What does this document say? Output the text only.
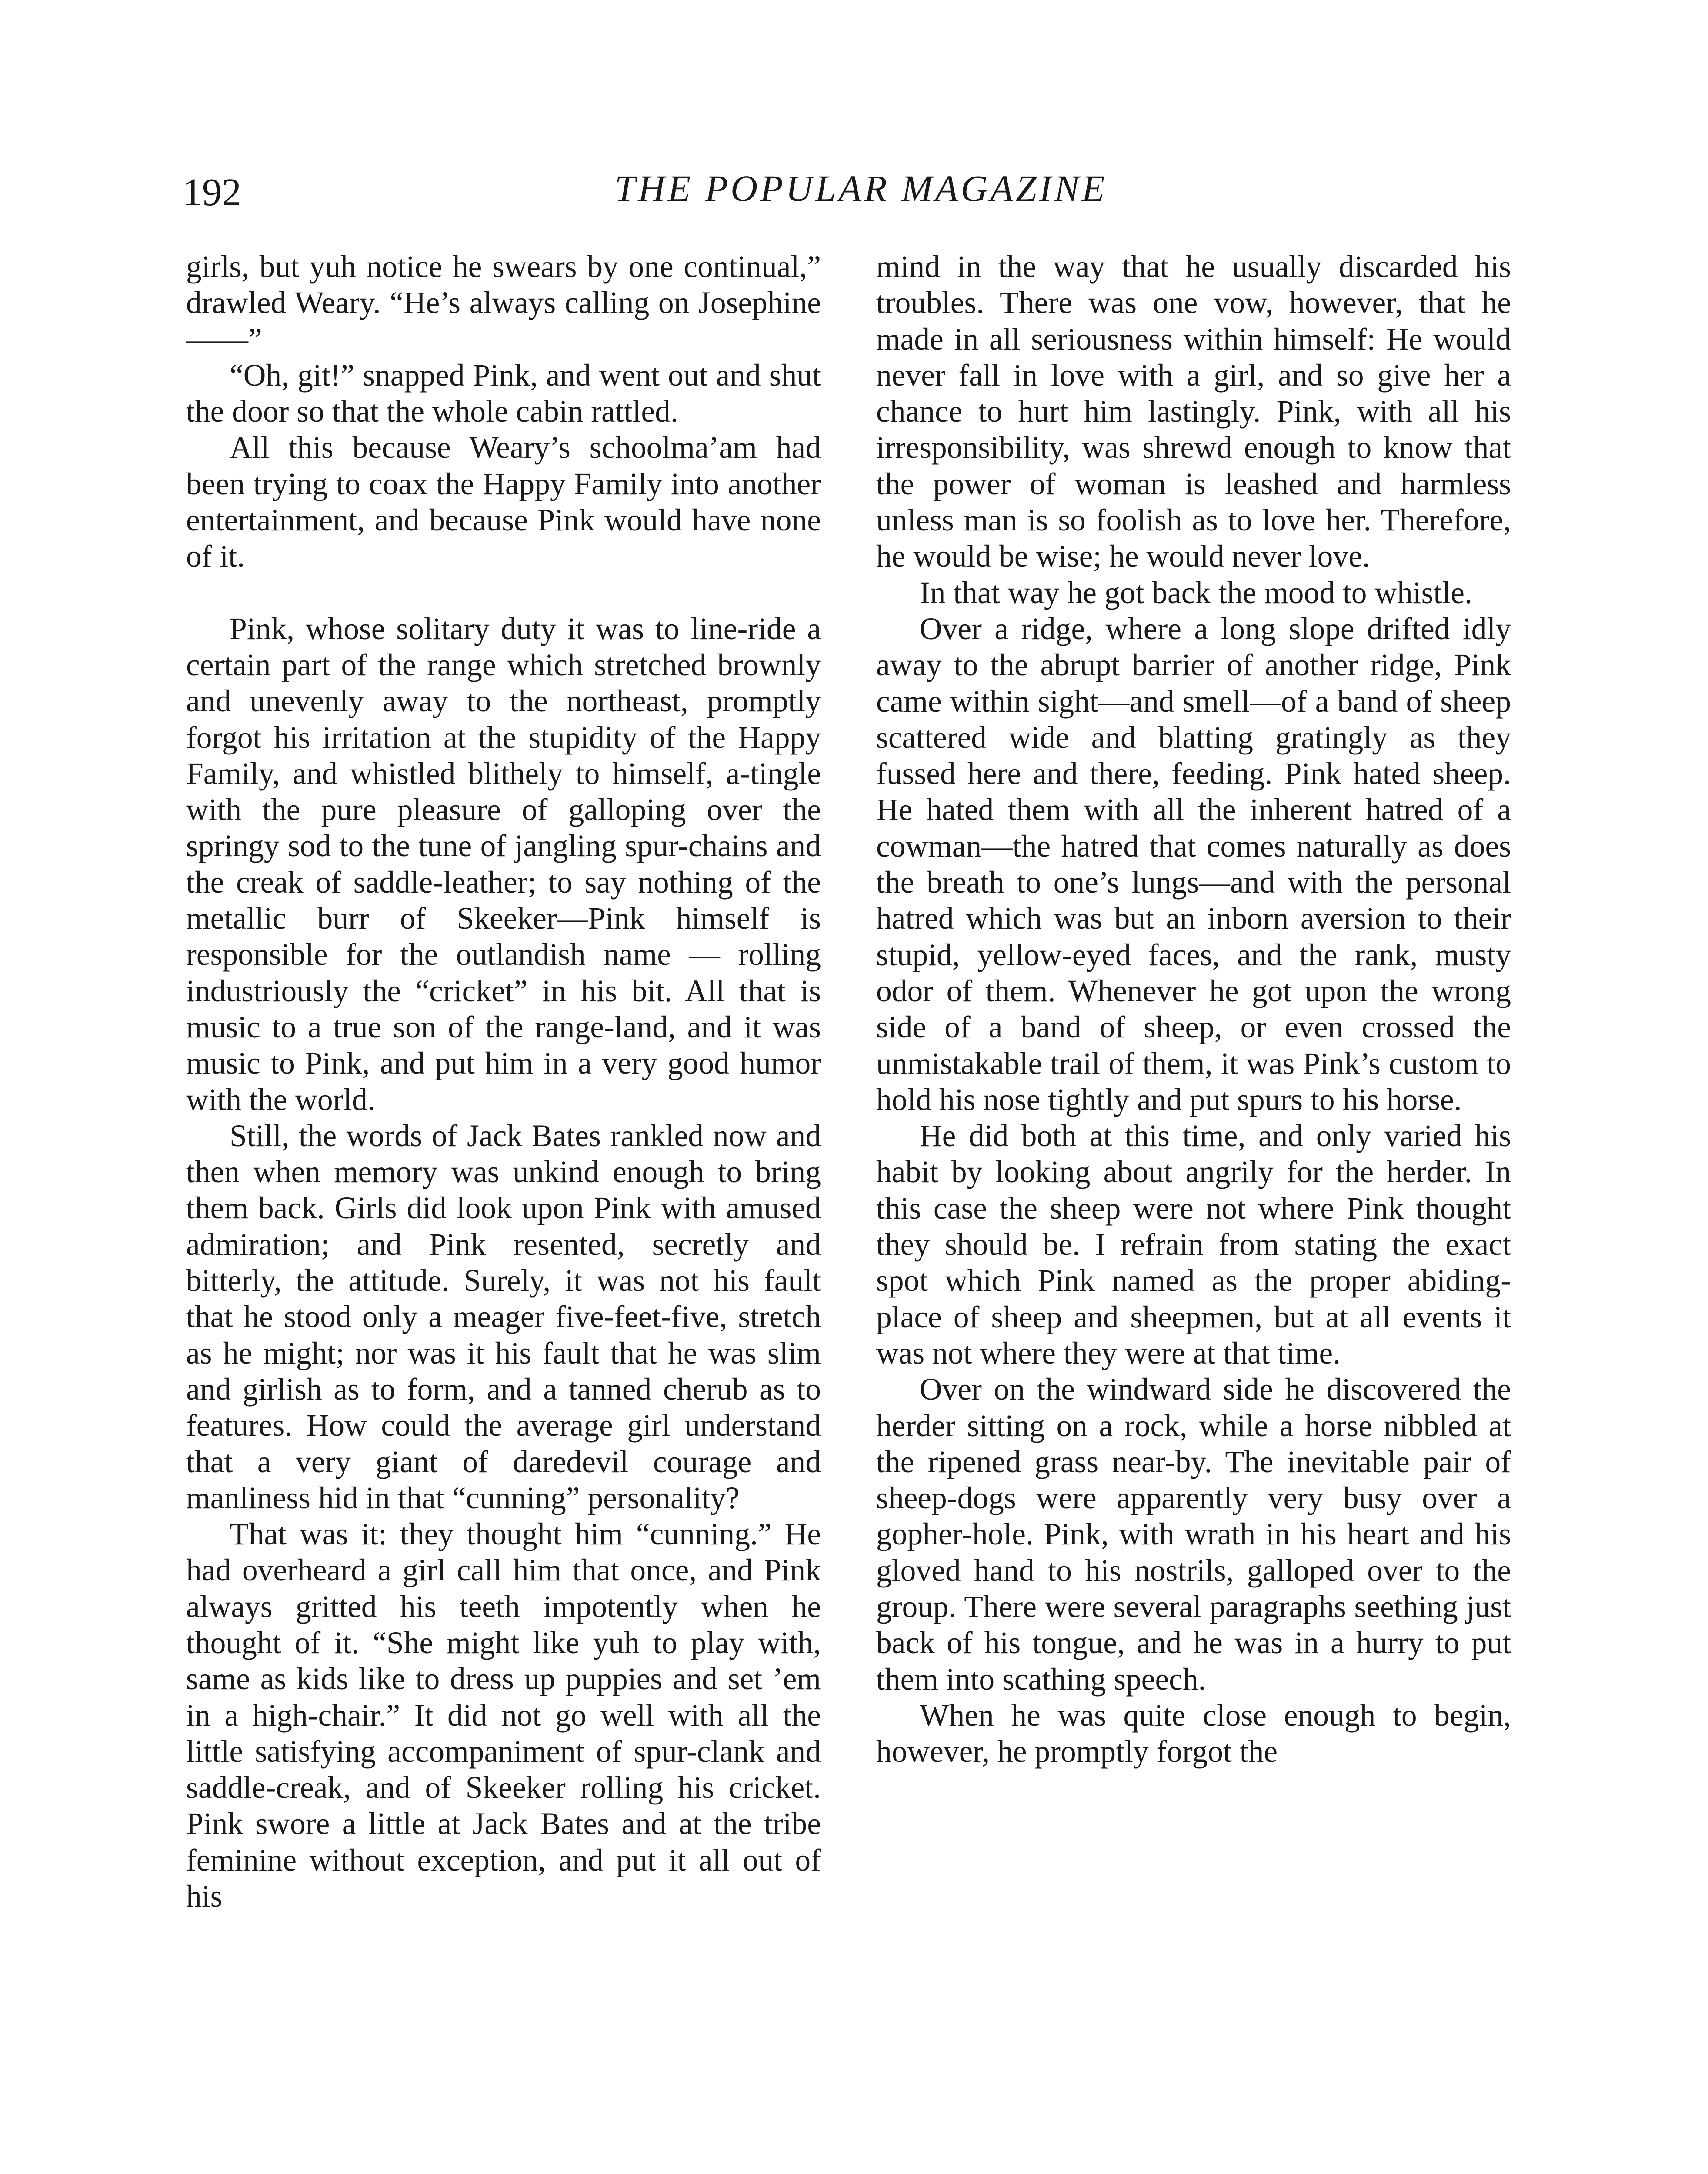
192	THE POPULAR MAGAZINE

girls, but yuh notice he swears by one continual,” drawled Weary. “He’s always calling on Josephine——”

“Oh, git!” snapped Pink, and went out and shut the door so that the whole cabin rattled.

All this because Weary’s schoolma’am had been trying to coax the Happy Family into another entertainment, and because Pink would have none of it.

Pink, whose solitary duty it was to line-ride a certain part of the range which stretched brownly and unevenly away to the northeast, promptly forgot his irritation at the stupidity of the Happy Family, and whistled blithely to himself, a-tingle with the pure pleasure of galloping over the springy sod to the tune of jangling spur-chains and the creak of saddle-leather; to say nothing of the metallic burr of Skeeker—Pink himself is responsible for the outlandish name — rolling industriously the “cricket” in his bit. All that is music to a true son of the range-land, and it was music to Pink, and put him in a very good humor with the world.

Still, the words of Jack Bates rankled now and then when memory was unkind enough to bring them back. Girls did look upon Pink with amused admiration; and Pink resented, secretly and bitterly, the attitude. Surely, it was not his fault that he stood only a meager five-feet-five, stretch as he might; nor was it his fault that he was slim and girlish as to form, and a tanned cherub as to features. How could the average girl understand that a very giant of daredevil courage and manliness hid in that “cunning” personality?

That was it: they thought him “cunning.” He had overheard a girl call him that once, and Pink always gritted his teeth impotently when he thought of it. “She might like yuh to play with, same as kids like to dress up puppies and set ’em in a high-chair.” It did not go well with all the little satisfying accompaniment of spur-clank and saddle-creak, and of Skeeker rolling his cricket. Pink swore a little at Jack Bates and at the tribe feminine without exception, and put it all out of his

mind in the way that he usually discarded his troubles. There was one vow, however, that he made in all seriousness within himself: He would never fall in love with a girl, and so give her a chance to hurt him lastingly. Pink, with all his irresponsibility, was shrewd enough to know that the power of woman is leashed and harmless unless man is so foolish as to love her. Therefore, he would be wise; he would never love.

In that way he got back the mood to whistle.

Over a ridge, where a long slope drifted idly away to the abrupt barrier of another ridge, Pink came within sight—and smell—of a band of sheep scattered wide and blatting gratingly as they fussed here and there, feeding. Pink hated sheep. He hated them with all the inherent hatred of a cowman—the hatred that comes naturally as does the breath to one’s lungs—and with the personal hatred which was but an inborn aversion to their stupid, yellow-eyed faces, and the rank, musty odor of them. Whenever he got upon the wrong side of a band of sheep, or even crossed the unmistakable trail of them, it was Pink’s custom to hold his nose tightly and put spurs to his horse.

He did both at this time, and only varied his habit by looking about angrily for the herder. In this case the sheep were not where Pink thought they should be. I refrain from stating the exact spot which Pink named as the proper abiding-place of sheep and sheepmen, but at all events it was not where they were at that time.

Over on the windward side he discovered the herder sitting on a rock, while a horse nibbled at the ripened grass near-by. The inevitable pair of sheep-dogs were apparently very busy over a gopher-hole. Pink, with wrath in his heart and his gloved hand to his nostrils, galloped over to the group. There were several paragraphs seething just back of his tongue, and he was in a hurry to put them into scathing speech.

When he was quite close enough to begin, however, he promptly forgot the
